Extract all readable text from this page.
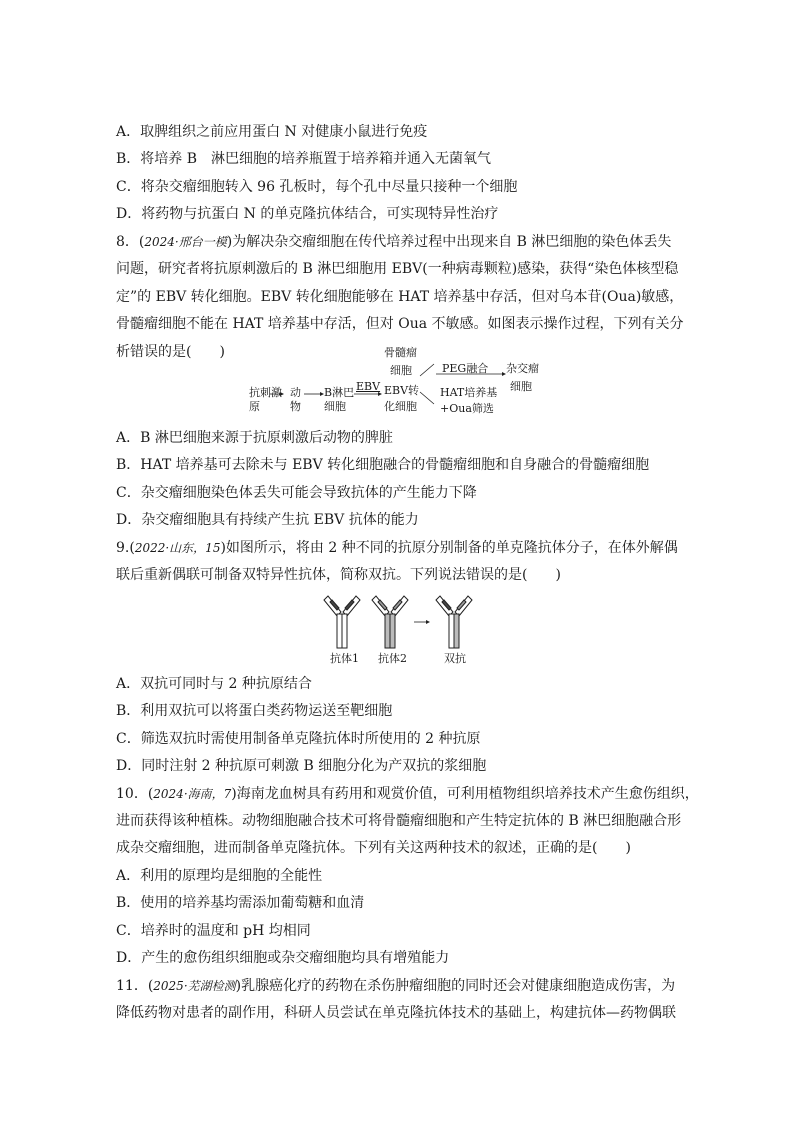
A．取脾组织之前应用蛋白 N 对健康小鼠进行免疫
B．将培养 B　淋巴细胞的培养瓶置于培养箱并通入无菌氧气
C．将杂交瘤细胞转入 96 孔板时，每个孔中尽量只接种一个细胞
D．将药物与抗蛋白 N 的单克隆抗体结合，可实现特异性治疗
8．(2024·邢台一模)为解决杂交瘤细胞在传代培养过程中出现来自 B 淋巴细胞的染色体丢失
问题，研究者将抗原刺激后的 B 淋巴细胞用 EBV(一种病毒颗粒)感染，获得“染色体核型稳
定”的 EBV 转化细胞。EBV 转化细胞能够在 HAT 培养基中存活，但对乌本苷(Oua)敏感，
骨髓瘤细胞不能在 HAT 培养基中存活，但对 Oua 不敏感。如图表示操作过程，下列有关分
析错误的是(　　)
抗刺激
原
动
物
B淋巴
细胞
EBV EBV转
化细胞
骨髓瘤
细胞	PEG融合
HAT培养基
+Oua筛选
杂交瘤
细胞
A．B 淋巴细胞来源于抗原刺激后动物的脾脏
B．HAT 培养基可去除未与 EBV 转化细胞融合的骨髓瘤细胞和自身融合的骨髓瘤细胞
C．杂交瘤细胞染色体丢失可能会导致抗体的产生能力下降
D．杂交瘤细胞具有持续产生抗 EBV 抗体的能力
9.(2022·山东，15)如图所示，将由 2 种不同的抗原分别制备的单克隆抗体分子，在体外解偶
联后重新偶联可制备双特异性抗体，简称双抗。下列说法错误的是(　　)
抗体1 抗体2	双抗
A．双抗可同时与 2 种抗原结合
B．利用双抗可以将蛋白类药物运送至靶细胞
C．筛选双抗时需使用制备单克隆抗体时所使用的 2 种抗原
D．同时注射 2 种抗原可刺激 B 细胞分化为产双抗的浆细胞
10．(2024·海南，7)海南龙血树具有药用和观赏价值，可利用植物组织培养技术产生愈伤组织，
进而获得该种植株。动物细胞融合技术可将骨髓瘤细胞和产生特定抗体的 B 淋巴细胞融合形
成杂交瘤细胞，进而制备单克隆抗体。下列有关这两种技术的叙述，正确的是(　　)
A．利用的原理均是细胞的全能性
B．使用的培养基均需添加葡萄糖和血清
C．培养时的温度和 pH 均相同
D．产生的愈伤组织细胞或杂交瘤细胞均具有增殖能力
11．(2025·芜湖检测)乳腺癌化疗的药物在杀伤肿瘤细胞的同时还会对健康细胞造成伤害，为
降低药物对患者的副作用，科研人员尝试在单克隆抗体技术的基础上，构建抗体—药物偶联
